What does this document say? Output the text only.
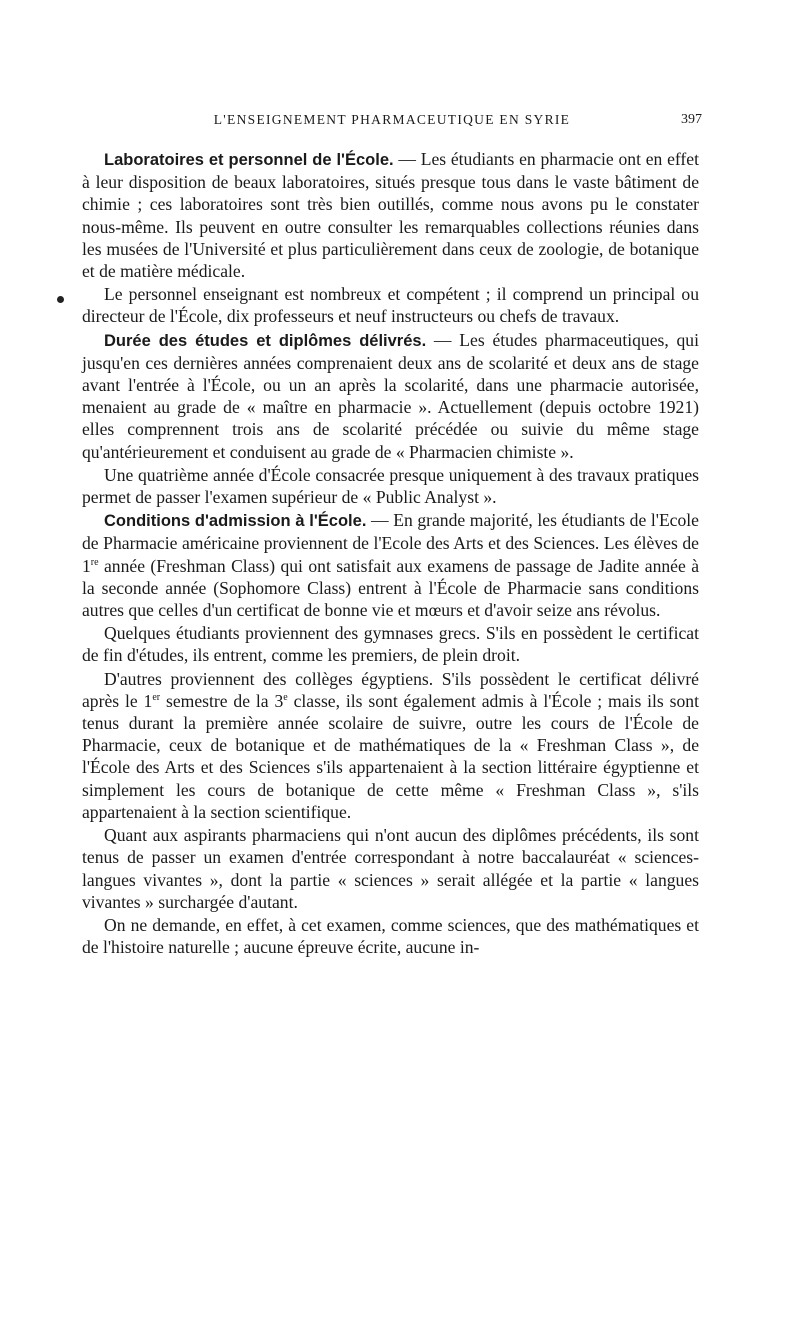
L'ENSEIGNEMENT PHARMACEUTIQUE EN SYRIE	397

Laboratoires et personnel de l'École. — Les étudiants en pharmacie ont en effet à leur disposition de beaux laboratoires, situés presque tous dans le vaste bâtiment de chimie ; ces laboratoires sont très bien outillés, comme nous avons pu le constater nous-même. Ils peuvent en outre consulter les remarquables collections réunies dans les musées de l'Université et plus particulièrement dans ceux de zoologie, de botanique et de matière médicale.

Le personnel enseignant est nombreux et compétent ; il comprend un principal ou directeur de l'École, dix professeurs et neuf instructeurs ou chefs de travaux.

Durée des études et diplômes délivrés. — Les études pharmaceutiques, qui jusqu'en ces dernières années comprenaient deux ans de scolarité et deux ans de stage avant l'entrée à l'École, ou un an après la scolarité, dans une pharmacie autorisée, menaient au grade de « maître en pharmacie ». Actuellement (depuis octobre 1921) elles comprennent trois ans de scolarité précédée ou suivie du même stage qu'antérieurement et conduisent au grade de « Pharmacien chimiste ».

Une quatrième année d'École consacrée presque uniquement à des travaux pratiques permet de passer l'examen supérieur de « Public Analyst ».

Conditions d'admission à l'École. — En grande majorité, les étudiants de l'Ecole de Pharmacie américaine proviennent de l'Ecole des Arts et des Sciences. Les élèves de 1re année (Freshman Class) qui ont satisfait aux examens de passage de Jadite année à la seconde année (Sophomore Class) entrent à l'École de Pharmacie sans conditions autres que celles d'un certificat de bonne vie et mœurs et d'avoir seize ans révolus.

Quelques étudiants proviennent des gymnases grecs. S'ils en possèdent le certificat de fin d'études, ils entrent, comme les premiers, de plein droit.

D'autres proviennent des collèges égyptiens. S'ils possèdent le certificat délivré après le 1er semestre de la 3e classe, ils sont également admis à l'École ; mais ils sont tenus durant la première année scolaire de suivre, outre les cours de l'École de Pharmacie, ceux de botanique et de mathématiques de la « Freshman Class », de l'École des Arts et des Sciences s'ils appartenaient à la section littéraire égyptienne et simplement les cours de botanique de cette même « Freshman Class », s'ils appartenaient à la section scientifique.

Quant aux aspirants pharmaciens qui n'ont aucun des diplômes précédents, ils sont tenus de passer un examen d'entrée correspondant à notre baccalauréat « sciences-langues vivantes », dont la partie « sciences » serait allégée et la partie « langues vivantes » surchargée d'autant.

On ne demande, en effet, à cet examen, comme sciences, que des mathématiques et de l'histoire naturelle ; aucune épreuve écrite, aucune in-
